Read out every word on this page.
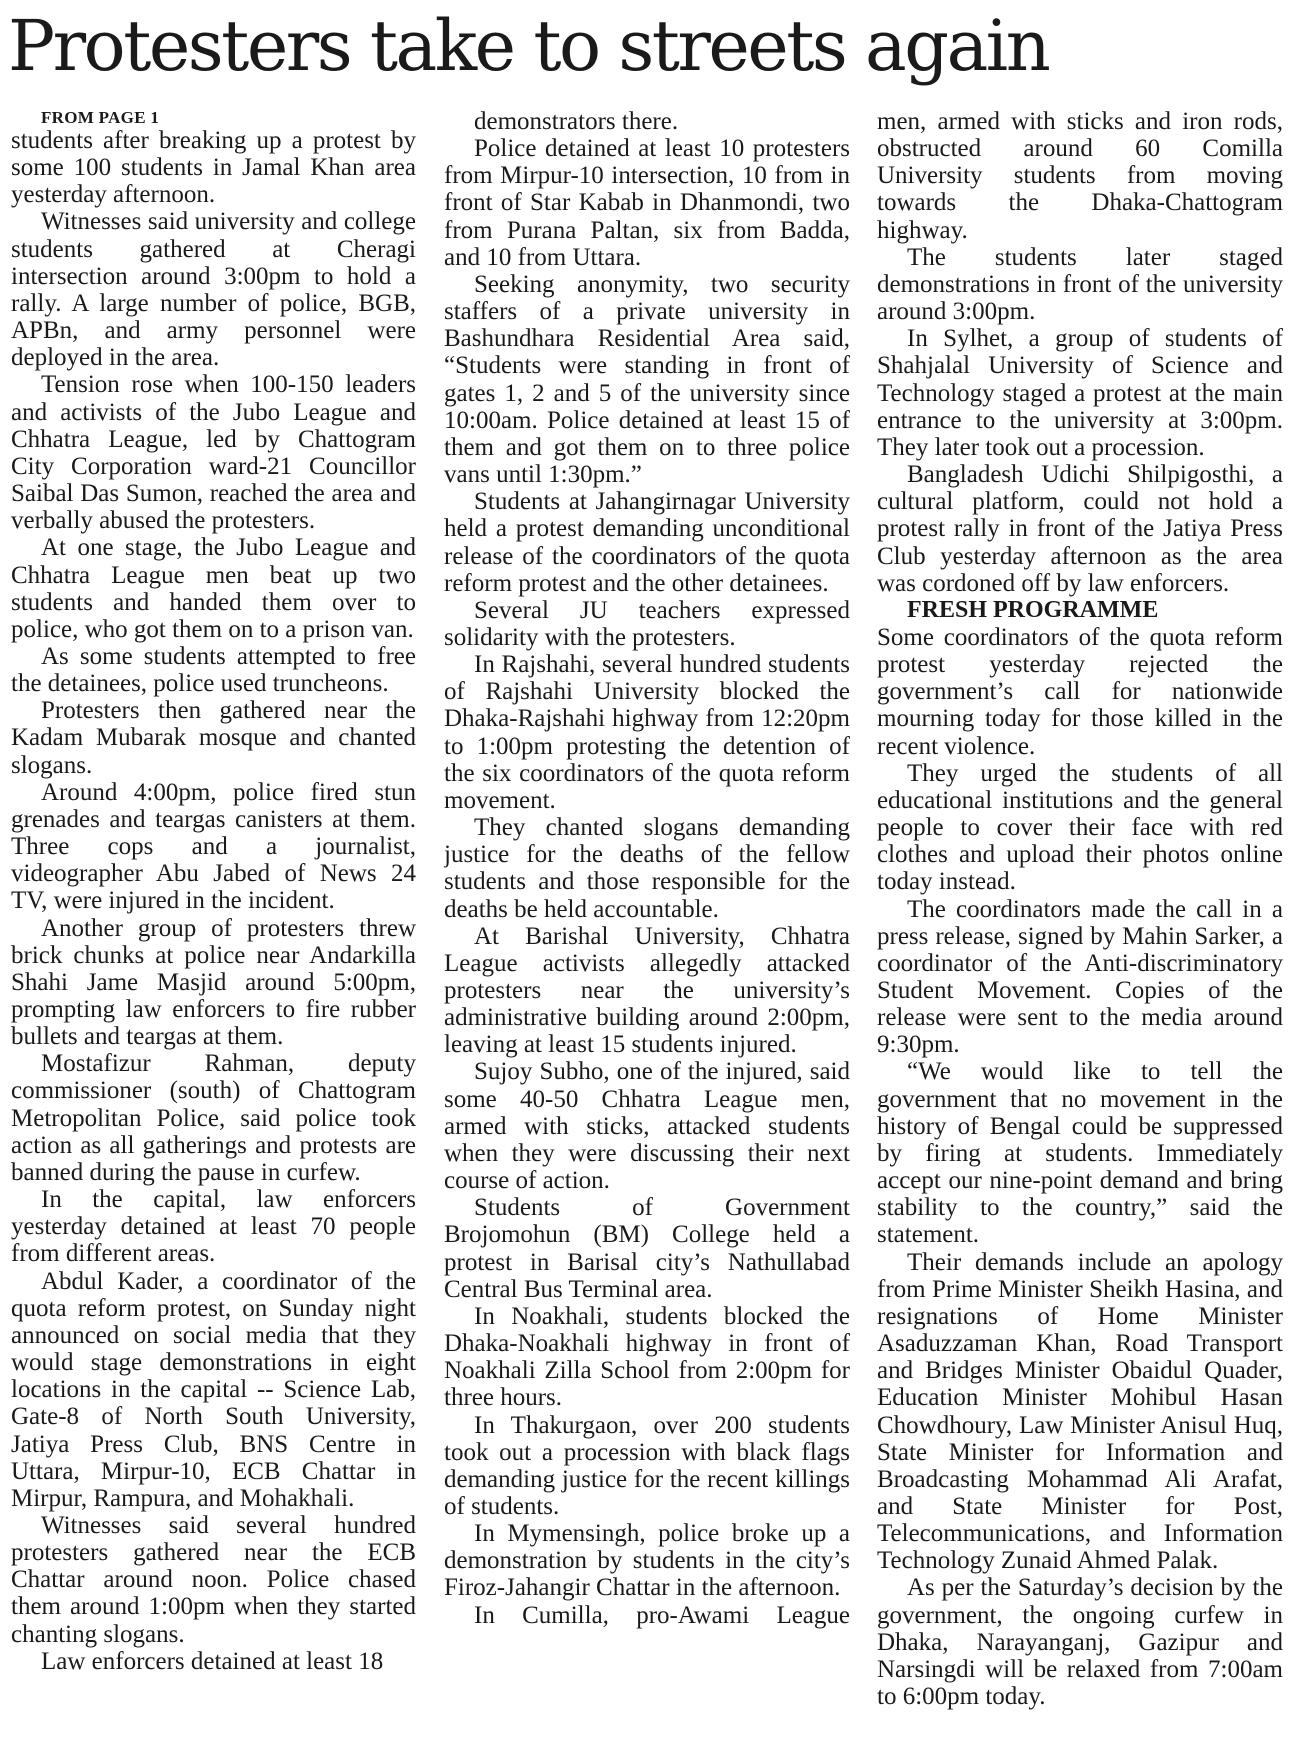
Protesters take to streets again

FROM PAGE 1

students after breaking up a protest by some 100 students in Jamal Khan area yesterday afternoon.

Witnesses said university and college students gathered at Cheragi intersection around 3:00pm to hold a rally. A large number of police, BGB, APBn, and army personnel were deployed in the area.

Tension rose when 100-150 leaders and activists of the Jubo League and Chhatra League, led by Chattogram City Corporation ward-21 Councillor Saibal Das Sumon, reached the area and verbally abused the protesters.

At one stage, the Jubo League and Chhatra League men beat up two students and handed them over to police, who got them on to a prison van.

As some students attempted to free the detainees, police used truncheons.

Protesters then gathered near the Kadam Mubarak mosque and chanted slogans.

Around 4:00pm, police fired stun grenades and teargas canisters at them. Three cops and a journalist, videographer Abu Jabed of News 24 TV, were injured in the incident.

Another group of protesters threw brick chunks at police near Andarkilla Shahi Jame Masjid around 5:00pm, prompting law enforcers to fire rubber bullets and teargas at them.

Mostafizur Rahman, deputy commissioner (south) of Chattogram Metropolitan Police, said police took action as all gatherings and protests are banned during the pause in curfew.

In the capital, law enforcers yesterday detained at least 70 people from different areas.

Abdul Kader, a coordinator of the quota reform protest, on Sunday night announced on social media that they would stage demonstrations in eight locations in the capital -- Science Lab, Gate-8 of North South University, Jatiya Press Club, BNS Centre in Uttara, Mirpur-10, ECB Chattar in Mirpur, Rampura, and Mohakhali.

Witnesses said several hundred protesters gathered near the ECB Chattar around noon. Police chased them around 1:00pm when they started chanting slogans.

Law enforcers detained at least 18

demonstrators there.

Police detained at least 10 protesters from Mirpur-10 intersection, 10 from in front of Star Kabab in Dhanmondi, two from Purana Paltan, six from Badda, and 10 from Uttara.

Seeking anonymity, two security staffers of a private university in Bashundhara Residential Area said, “Students were standing in front of gates 1, 2 and 5 of the university since 10:00am. Police detained at least 15 of them and got them on to three police vans until 1:30pm.”

Students at Jahangirnagar University held a protest demanding unconditional release of the coordinators of the quota reform protest and the other detainees.

Several JU teachers expressed solidarity with the protesters.

In Rajshahi, several hundred students of Rajshahi University blocked the Dhaka-Rajshahi highway from 12:20pm to 1:00pm protesting the detention of the six coordinators of the quota reform movement.

They chanted slogans demanding justice for the deaths of the fellow students and those responsible for the deaths be held accountable.

At Barishal University, Chhatra League activists allegedly attacked protesters near the university’s administrative building around 2:00pm, leaving at least 15 students injured.

Sujoy Subho, one of the injured, said some 40-50 Chhatra League men, armed with sticks, attacked students when they were discussing their next course of action.

Students of Government Brojomohun (BM) College held a protest in Barisal city’s Nathullabad Central Bus Terminal area.

In Noakhali, students blocked the Dhaka-Noakhali highway in front of Noakhali Zilla School from 2:00pm for three hours.

In Thakurgaon, over 200 students took out a procession with black flags demanding justice for the recent killings of students.

In Mymensingh, police broke up a demonstration by students in the city’s Firoz-Jahangir Chattar in the afternoon.

In Cumilla, pro-Awami League

men, armed with sticks and iron rods, obstructed around 60 Comilla University students from moving towards the Dhaka-Chattogram highway.

The students later staged demonstrations in front of the university around 3:00pm.

In Sylhet, a group of students of Shahjalal University of Science and Technology staged a protest at the main entrance to the university at 3:00pm. They later took out a procession.

Bangladesh Udichi Shilpigosthi, a cultural platform, could not hold a protest rally in front of the Jatiya Press Club yesterday afternoon as the area was cordoned off by law enforcers.

FRESH PROGRAMME

Some coordinators of the quota reform protest yesterday rejected the government’s call for nationwide mourning today for those killed in the recent violence.

They urged the students of all educational institutions and the general people to cover their face with red clothes and upload their photos online today instead.

The coordinators made the call in a press release, signed by Mahin Sarker, a coordinator of the Anti-discriminatory Student Movement. Copies of the release were sent to the media around 9:30pm.

“We would like to tell the government that no movement in the history of Bengal could be suppressed by firing at students. Immediately accept our nine-point demand and bring stability to the country,” said the statement.

Their demands include an apology from Prime Minister Sheikh Hasina, and resignations of Home Minister Asaduzzaman Khan, Road Transport and Bridges Minister Obaidul Quader, Education Minister Mohibul Hasan Chowdhoury, Law Minister Anisul Huq, State Minister for Information and Broadcasting Mohammad Ali Arafat, and State Minister for Post, Telecommunications, and Information Technology Zunaid Ahmed Palak.

As per the Saturday’s decision by the government, the ongoing curfew in Dhaka, Narayanganj, Gazipur and Narsingdi will be relaxed from 7:00am to 6:00pm today.
